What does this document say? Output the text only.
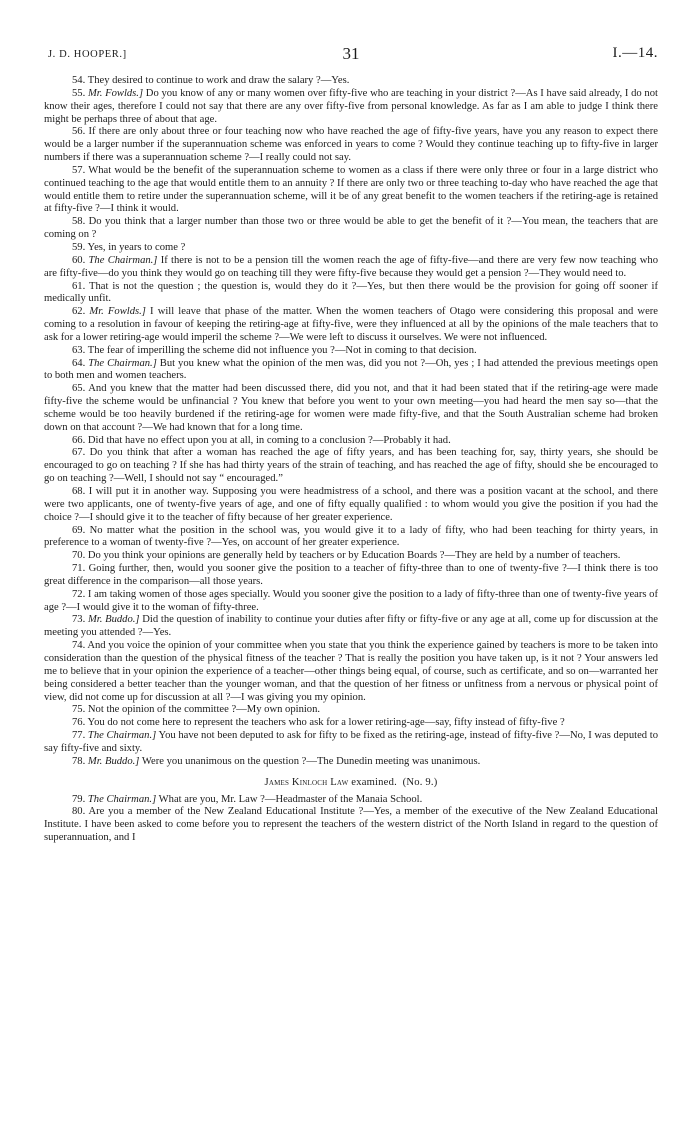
J. D. HOOPER.]	31	I.—14.

54. They desired to continue to work and draw the salary ?—Yes.

55. Mr. Fowlds.] Do you know of any or many women over fifty-five who are teaching in your district ?—As I have said already, I do not know their ages, therefore I could not say that there are any over fifty-five from personal knowledge. As far as I am able to judge I think there might be perhaps three of about that age.

56. If there are only about three or four teaching now who have reached the age of fifty-five years, have you any reason to expect there would be a larger number if the superannuation scheme was enforced in years to come ? Would they continue teaching up to fifty-five in larger numbers if there was a superannuation scheme ?—I really could not say.

57. What would be the benefit of the superannuation scheme to women as a class if there were only three or four in a large district who continued teaching to the age that would entitle them to an annuity ? If there are only two or three teaching to-day who have reached the age that would entitle them to retire under the superannuation scheme, will it be of any great benefit to the women teachers if the retiring-age is retained at fifty-five ?—I think it would.

58. Do you think that a larger number than those two or three would be able to get the benefit of it ?—You mean, the teachers that are coming on ?

59. Yes, in years to come ?

60. The Chairman.] If there is not to be a pension till the women reach the age of fifty-five—and there are very few now teaching who are fifty-five—do you think they would go on teaching till they were fifty-five because they would get a pension ?—They would need to.

61. That is not the question ; the question is, would they do it ?—Yes, but then there would be the provision for going off sooner if medically unfit.

62. Mr. Fowlds.] I will leave that phase of the matter. When the women teachers of Otago were considering this proposal and were coming to a resolution in favour of keeping the retiring-age at fifty-five, were they influenced at all by the opinions of the male teachers that to ask for a lower retiring-age would imperil the scheme ?—We were left to discuss it ourselves. We were not influenced.

63. The fear of imperilling the scheme did not influence you ?—Not in coming to that decision.

64. The Chairman.] But you knew what the opinion of the men was, did you not ?—Oh, yes ; I had attended the previous meetings open to both men and women teachers.

65. And you knew that the matter had been discussed there, did you not, and that it had been stated that if the retiring-age were made fifty-five the scheme would be unfinancial ? You knew that before you went to your own meeting—you had heard the men say so—that the scheme would be too heavily burdened if the retiring-age for women were made fifty-five, and that the South Australian scheme had broken down on that account ?—We had known that for a long time.

66. Did that have no effect upon you at all, in coming to a conclusion ?—Probably it had.

67. Do you think that after a woman has reached the age of fifty years, and has been teaching for, say, thirty years, she should be encouraged to go on teaching ? If she has had thirty years of the strain of teaching, and has reached the age of fifty, should she be encouraged to go on teaching ?—Well, I should not say “ encouraged.”

68. I will put it in another way. Supposing you were headmistress of a school, and there was a position vacant at the school, and there were two applicants, one of twenty-five years of age, and one of fifty equally qualified : to whom would you give the position if you had the choice ?—I should give it to the teacher of fifty because of her greater experience.

69. No matter what the position in the school was, you would give it to a lady of fifty, who had been teaching for thirty years, in preference to a woman of twenty-five ?—Yes, on account of her greater experience.

70. Do you think your opinions are generally held by teachers or by Education Boards ?—They are held by a number of teachers.

71. Going further, then, would you sooner give the position to a teacher of fifty-three than to one of twenty-five ?—I think there is too great difference in the comparison—all those years.

72. I am taking women of those ages specially. Would you sooner give the position to a lady of fifty-three than one of twenty-five years of age ?—I would give it to the woman of fifty-three.

73. Mr. Buddo.] Did the question of inability to continue your duties after fifty or fifty-five or any age at all, come up for discussion at the meeting you attended ?—Yes.

74. And you voice the opinion of your committee when you state that you think the experience gained by teachers is more to be taken into consideration than the question of the physical fitness of the teacher ? That is really the position you have taken up, is it not ? Your answers led me to believe that in your opinion the experience of a teacher—other things being equal, of course, such as certificate, and so on—warranted her being considered a better teacher than the younger woman, and that the question of her fitness or unfitness from a nervous or physical point of view, did not come up for discussion at all ?—I was giving you my opinion.

75. Not the opinion of the committee ?—My own opinion.

76. You do not come here to represent the teachers who ask for a lower retiring-age—say, fifty instead of fifty-five ?

77. The Chairman.] You have not been deputed to ask for fifty to be fixed as the retiring-age, instead of fifty-five ?—No, I was deputed to say fifty-five and sixty.

78. Mr. Buddo.] Were you unanimous on the question ?—The Dunedin meeting was unanimous.

James Kinloch Law examined. (No. 9.)

79. The Chairman.] What are you, Mr. Law ?—Headmaster of the Manaia School.

80. Are you a member of the New Zealand Educational Institute ?—Yes, a member of the executive of the New Zealand Educational Institute. I have been asked to come before you to represent the teachers of the western district of the North Island in regard to the question of superannuation, and I
